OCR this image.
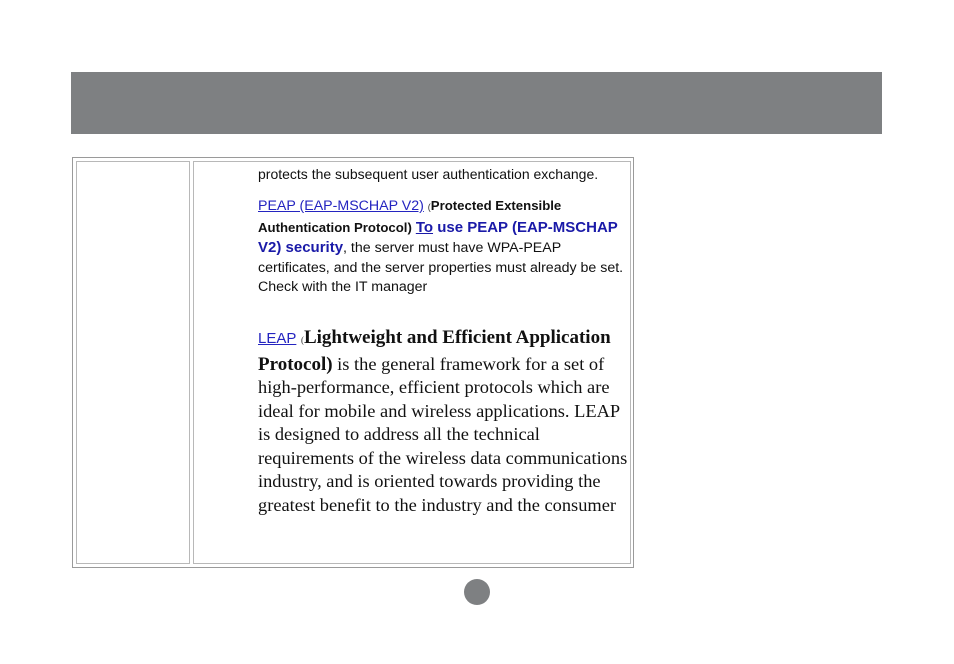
protects the subsequent user authentication exchange.
PEAP (EAP-MSCHAP V2) (Protected Extensible Authentication Protocol) To use PEAP (EAP-MSCHAP V2) security, the server must have WPA-PEAP certificates, and the server properties must already be set. Check with the IT manager
LEAP (Lightweight and Efficient Application Protocol) is the general framework for a set of high-performance, efficient protocols which are ideal for mobile and wireless applications. LEAP is designed to address all the technical requirements of the wireless data communications industry, and is oriented towards providing the greatest benefit to the industry and the consumer
